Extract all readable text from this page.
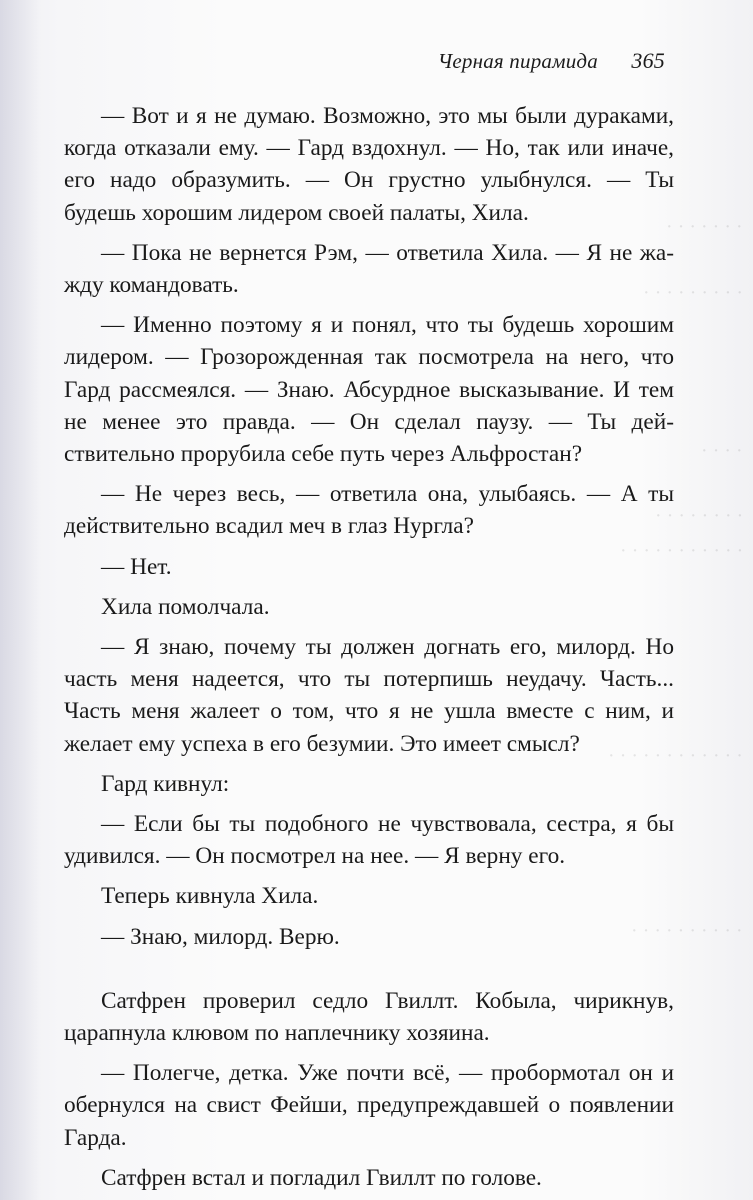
· · · · · · ·
· · · · · · · · ·
· · · ·
· · · · · · · ·
· · · · · · · · · · ·
· · · · · · · · · · · ·
· · · · · · · · · ·
Черная пирамида 365

— Вот и я не думаю. Возможно, это мы были дураками, когда отказали ему. — Гард вздохнул. — Но, так или иначе, его надо образумить. — Он грустно улыбнулся. — Ты будешь хорошим лидером своей палаты, Хила.

— Пока не вернется Рэм, — ответила Хила. — Я не жажду командовать.

— Именно поэтому я и понял, что ты будешь хорошим лидером. — Грозорожденная так посмотрела на него, что Гард рассмеялся. — Знаю. Абсурдное высказывание. И тем не менее это правда. — Он сделал паузу. — Ты действительно прорубила себе путь через Альфростан?

— Не через весь, — ответила она, улыбаясь. — А ты действительно всадил меч в глаз Нургла?

— Нет.

Хила помолчала.

— Я знаю, почему ты должен догнать его, милорд. Но часть меня надеется, что ты потерпишь неудачу. Часть... Часть меня жалеет о том, что я не ушла вместе с ним, и желает ему успеха в его безумии. Это имеет смысл?

Гард кивнул:

— Если бы ты подобного не чувствовала, сестра, я бы удивился. — Он посмотрел на нее. — Я верну его.

Теперь кивнула Хила.

— Знаю, милорд. Верю.

Сатфрен проверил седло Гвиллт. Кобыла, чирикнув, царапнула клювом по наплечнику хозяина.

— Полегче, детка. Уже почти всё, — пробормотал он и обернулся на свист Фейши, предупреждавшей о появлении Гарда.

Сатфрен встал и погладил Гвиллт по голове.
